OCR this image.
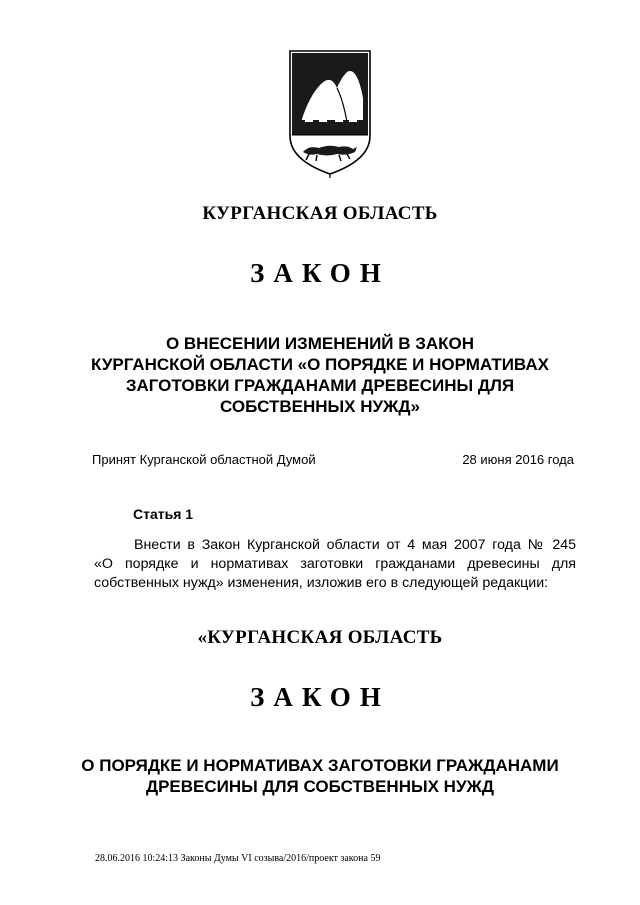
КУРГАНСКАЯ ОБЛАСТЬ
ЗАКОН
О ВНЕСЕНИИ ИЗМЕНЕНИЙ В ЗАКОН
КУРГАНСКОЙ ОБЛАСТИ «О ПОРЯДКЕ И НОРМАТИВАХ
ЗАГОТОВКИ ГРАЖДАНАМИ ДРЕВЕСИНЫ ДЛЯ
СОБСТВЕННЫХ НУЖД»
Принят Курганской областной Думой	28 июня 2016 года
Статья 1
Внести в Закон Курганской области от 4 мая 2007 года № 245
«О порядке и нормативах заготовки гражданами древесины для
собственных нужд» изменения, изложив его в следующей редакции:
«КУРГАНСКАЯ ОБЛАСТЬ
ЗАКОН
О ПОРЯДКЕ И НОРМАТИВАХ ЗАГОТОВКИ ГРАЖДАНАМИ
ДРЕВЕСИНЫ ДЛЯ СОБСТВЕННЫХ НУЖД
28.06.2016 10:24:13 Законы Думы VI созыва/2016/проект закона 59
